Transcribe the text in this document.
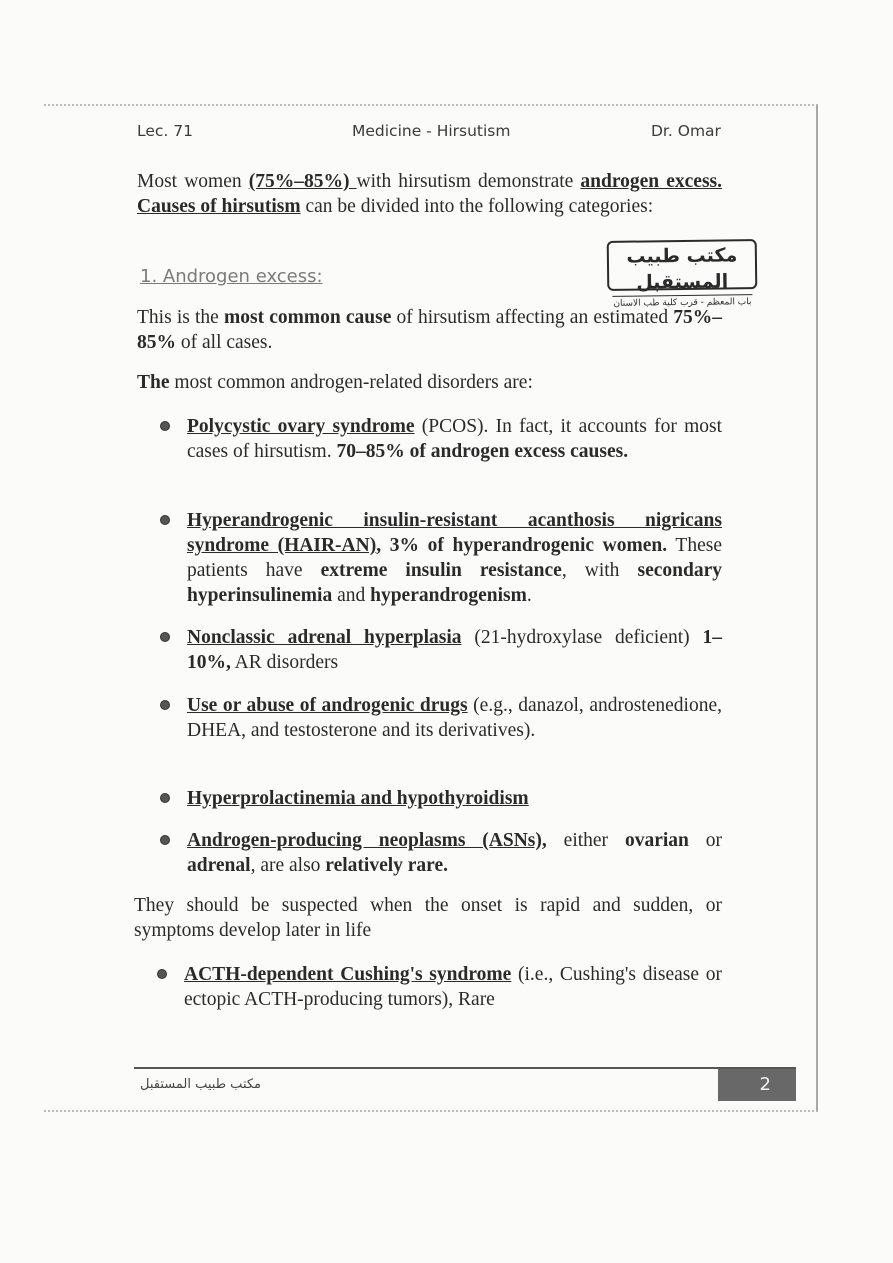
Lec. 71	Medicine - Hirsutism	Dr. Omar
مكتب طبيب المستقبل
باب المعظم - قرب كلية طب الاسنان

Most women (75%–85%) with hirsutism demonstrate androgen excess. Causes of hirsutism can be divided into the following categories:

1. Androgen excess:

This is the most common cause of hirsutism affecting an estimated 75%–85% of all cases.

The most common androgen-related disorders are:

Polycystic ovary syndrome (PCOS). In fact, it accounts for most cases of hirsutism. 70–85% of androgen excess causes.
Hyperandrogenic insulin-resistant acanthosis nigricans syndrome (HAIR-AN), 3% of hyperandrogenic women. These patients have extreme insulin resistance, with secondary hyperinsulinemia and hyperandrogenism.
Nonclassic adrenal hyperplasia (21-hydroxylase deficient) 1–10%, AR disorders
Use or abuse of androgenic drugs (e.g., danazol, androstenedione, DHEA, and testosterone and its derivatives).
Hyperprolactinemia and hypothyroidism
Androgen-producing neoplasms (ASNs), either ovarian or adrenal, are also relatively rare.

They should be suspected when the onset is rapid and sudden, or symptoms develop later in life

ACTH-dependent Cushing's syndrome (i.e., Cushing's disease or ectopic ACTH-producing tumors), Rare
مكتب طبيب المستقبل	2
